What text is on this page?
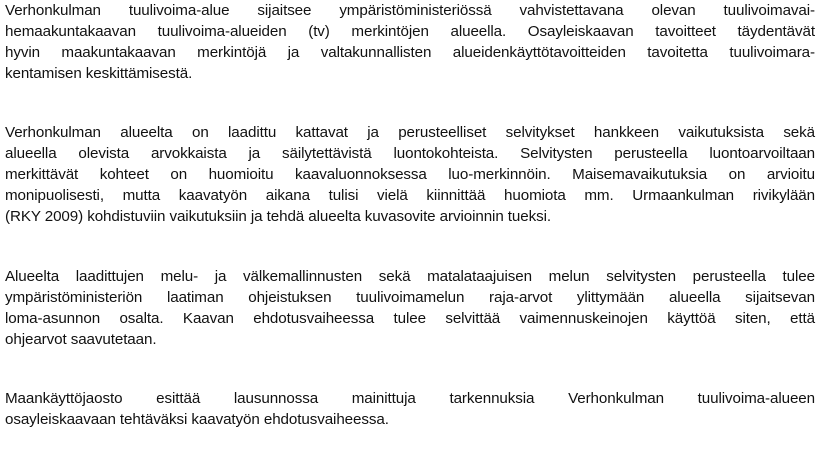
Verhonkulman tuulivoima-alue sijaitsee ympäristöministeriössä vahvistettavana olevan tuulivoimavai-
hemaakuntakaavan tuulivoima-alueiden (tv) merkintöjen alueella. Osayleiskaavan tavoitteet täydentävät
hyvin maakuntakaavan merkintöjä ja valtakunnallisten alueidenkäyttötavoitteiden tavoitetta tuulivoimara-
kentamisen keskittämisestä.
Verhonkulman alueelta on laadittu kattavat ja perusteelliset selvitykset hankkeen vaikutuksista sekä
alueella olevista arvokkaista ja säilytettävistä luontokohteista. Selvitysten perusteella luontoarvoiltaan
merkittävät kohteet on huomioitu kaavaluonnoksessa luo-merkinnöin. Maisemavaikutuksia on arvioitu
monipuolisesti, mutta kaavatyön aikana tulisi vielä kiinnittää huomiota mm. Urmaankulman rivikylään
(RKY 2009) kohdistuviin vaikutuksiin ja tehdä alueelta kuvasovite arvioinnin tueksi.
Alueelta laadittujen melu- ja välkemallinnusten sekä matalataajuisen melun selvitysten perusteella tulee
ympäristöministeriön laatiman ohjeistuksen tuulivoimamelun raja-arvot ylittymään alueella sijaitsevan
loma-asunnon osalta. Kaavan ehdotusvaiheessa tulee selvittää vaimennuskeinojen käyttöä siten, että
ohjearvot saavutetaan.
Maankäyttöjaosto esittää lausunnossa mainittuja tarkennuksia Verhonkulman tuulivoima-alueen
osayleiskaavaan tehtäväksi kaavatyön ehdotusvaiheessa.
